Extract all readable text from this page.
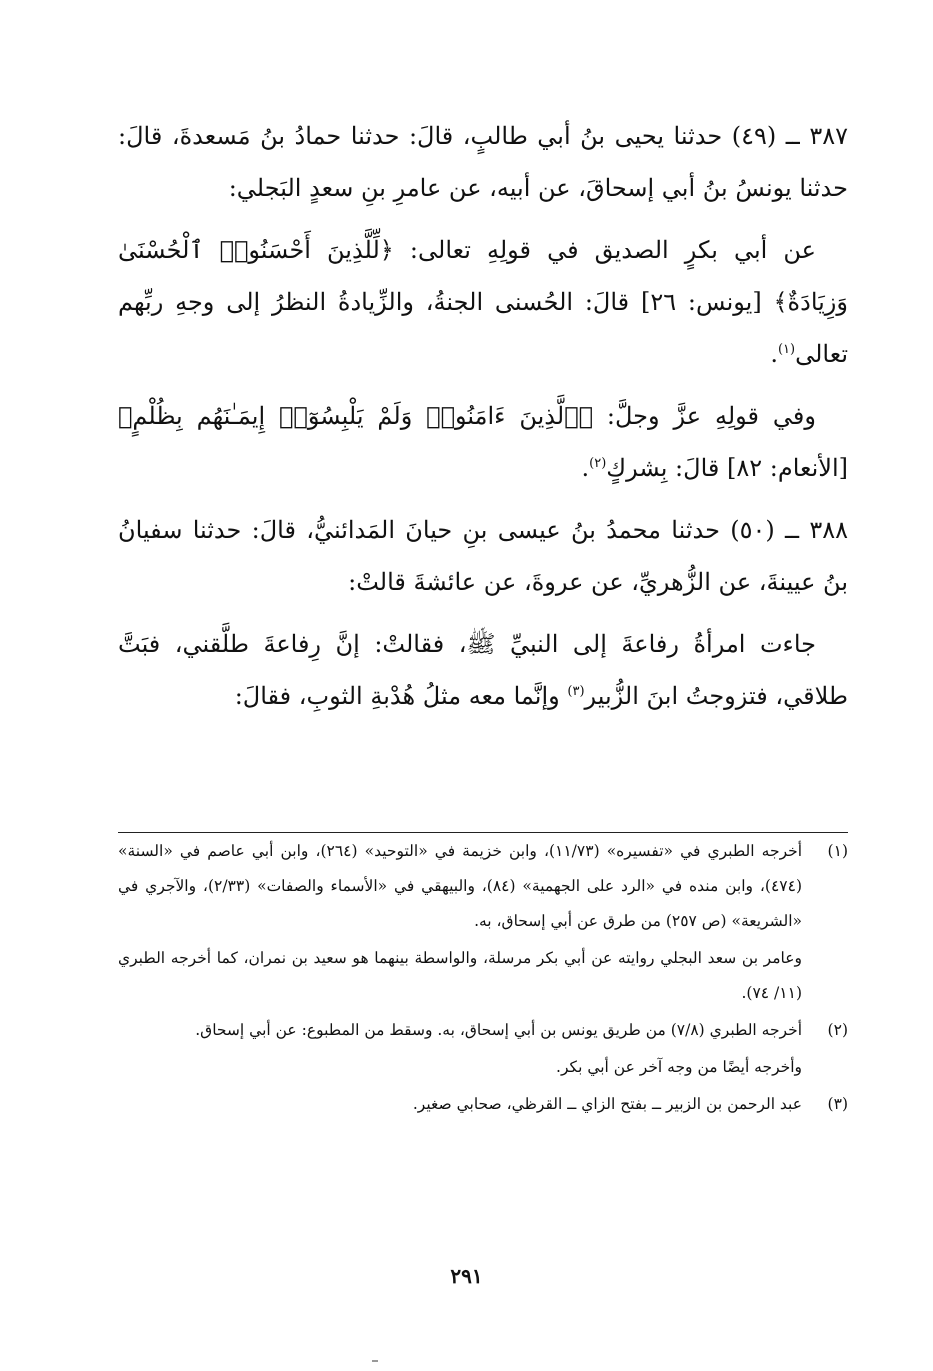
٣٨٧ ــ (٤٩) حدثنا يحيى بنُ أبي طالبٍ، قالَ: حدثنا حمادُ بنُ مَسعدةَ، قالَ: حدثنا يونسُ بنُ أبي إسحاقَ، عن أبيه، عن عامرِ بنِ سعدٍ البَجلي:

عن أبي بكرٍ الصديق في قولِهِ تعالى: ﴿لِّلَّذِينَ أَحْسَنُوا۟ ٱلْحُسْنَىٰ وَزِيَادَةٌ﴾ [يونس: ٢٦] قالَ: الحُسنى الجنةُ، والزِّيادةُ النظرُ إلى وجهِ ربِّهم تعالى$^{(١)}$.

وفي قولِهِ عزَّ وجلَّ: ﴿ٱلَّذِينَ ءَامَنُوا۟ وَلَمْ يَلْبِسُوٓا۟ إِيمَـٰنَهُم بِظُلْمٍ﴾ [الأنعام: ٨٢] قالَ: بِشركٍ$^{(٢)}$.

٣٨٨ ــ (٥٠) حدثنا محمدُ بنُ عيسى بنِ حيانَ المَدائنيُّ، قالَ: حدثنا سفيانُ بنُ عيينةَ، عن الزُّهريِّ، عن عروةَ، عن عائشةَ قالتْ:

جاءت امرأةُ رفاعةَ إلى النبيِّ ﷺ، فقالتْ: إنَّ رِفاعةَ طلَّقني، فبَتَّ طلاقي، فتزوجتُ ابنَ الزُّبير$^{(٣)}$ وإنَّما معه مثلُ هُدْبةِ الثوبِ، فقالَ:

(١)

أخرجه الطبري في «تفسيره» (١١/٧٣)، وابن خزيمة في «التوحيد» (٢٦٤)، وابن أبي عاصم في «السنة» (٤٧٤)، وابن منده في «الرد على الجهمية» (٨٤)، والبيهقي في «الأسماء والصفات» (٢/٣٣)، والآجري في «الشريعة» (ص ٢٥٧) من طرق عن أبي إسحاق، به.

وعامر بن سعد البجلي روايته عن أبي بكر مرسلة، والواسطة بينهما هو سعيد بن نمران، كما أخرجه الطبري (١١/ ٧٤).

(٢)

أخرجه الطبري (٧/٨) من طريق يونس بن أبي إسحاق، به. وسقط من المطبوع: عن أبي إسحاق.

وأخرجه أيضًا من وجه آخر عن أبي بكر.

(٣)

عبد الرحمن بن الزبير ــ بفتح الزاي ــ القرظي، صحابي صغير.

٢٩١
